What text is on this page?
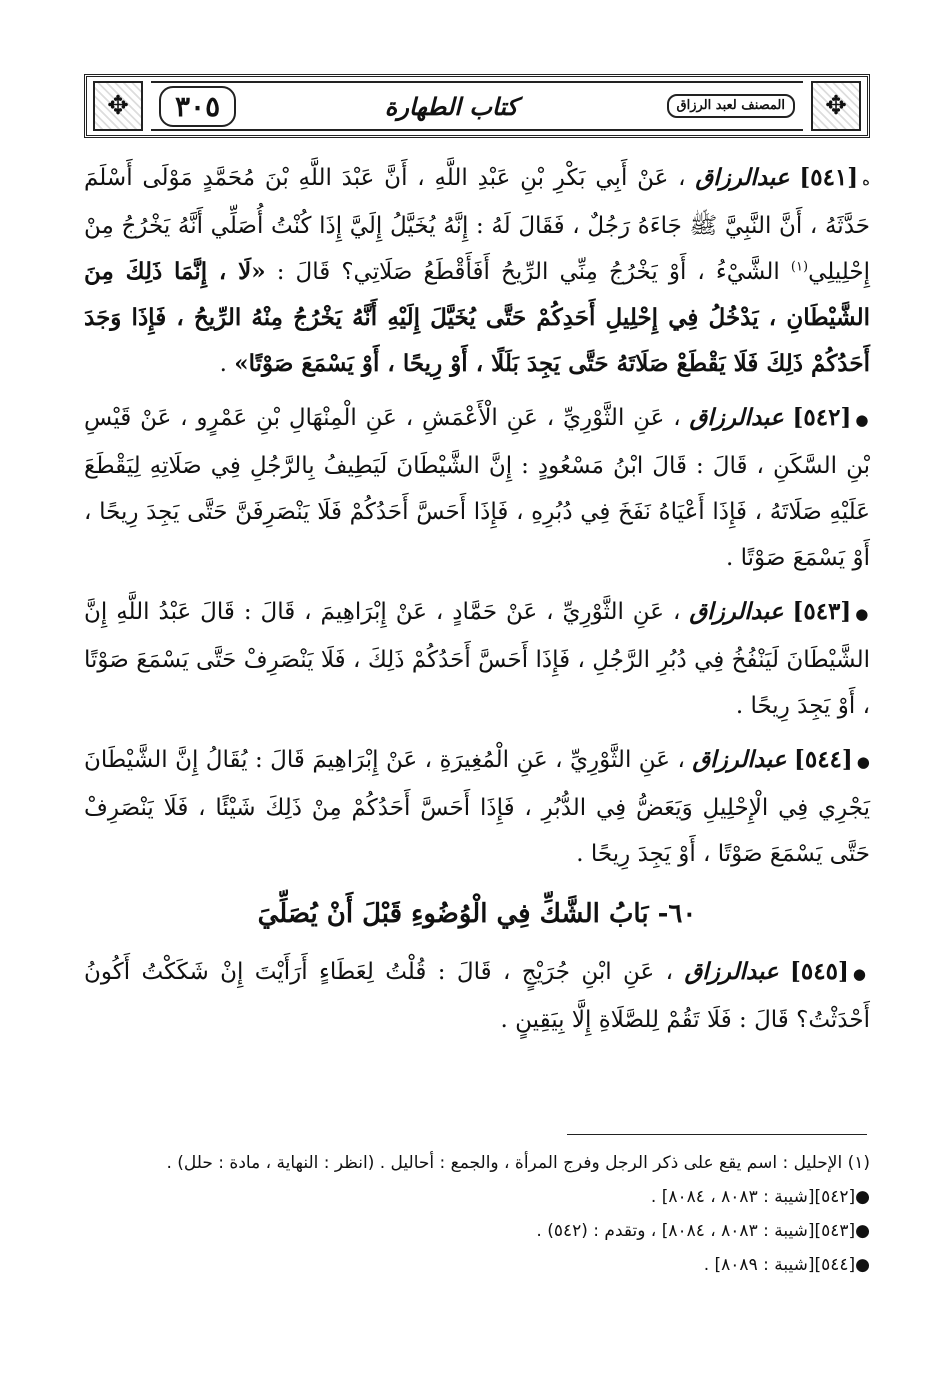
✥	المصنف لعبد الرزاق
كتاب الطهارة
٣٠٥	✥

ه[٥٤١] عبدالرزاق ، عَنْ أَبِي بَكْرِ بْنِ عَبْدِ اللَّهِ ، أَنَّ عَبْدَ اللَّهِ بْنَ مُحَمَّدٍ مَوْلَى أَسْلَمَ حَدَّثَهُ ، أَنَّ النَّبِيَّ ﷺ جَاءَهُ رَجُلٌ ، فَقَالَ لَهُ : إِنَّهُ يُخَيَّلُ إِلَيَّ إِذَا كُنْتُ أُصَلِّي أَنَّهُ يَخْرُجُ مِنْ إِحْلِيلِي$^{(١)}$ الشَّيْءُ ، أَوْ يَخْرُجُ مِنِّي الرِّيحُ أَفَأَقْطَعُ صَلَاتِي؟ قَالَ : «لَا ، إِنَّمَا ذَلِكَ مِنَ الشَّيْطَانِ ، يَدْخُلُ فِي إِحْلِيلِ أَحَدِكُمْ حَتَّى يُخَيَّلَ إِلَيْهِ أَنَّهُ يَخْرُجُ مِنْهُ الرِّيحُ ، فَإِذَا وَجَدَ أَحَدُكُمْ ذَلِكَ فَلَا يَقْطَعْ صَلَاتَهُ حَتَّى يَجِدَ بَلَلًا ، أَوْ رِيحًا ، أَوْ يَسْمَعَ صَوْتًا» .

●[٥٤٢] عبدالرزاق ، عَنِ الثَّوْرِيِّ ، عَنِ الْأَعْمَشِ ، عَنِ الْمِنْهَالِ بْنِ عَمْرٍو ، عَنْ قَيْسِ بْنِ السَّكَنِ ، قَالَ : قَالَ ابْنُ مَسْعُودٍ : إِنَّ الشَّيْطَانَ لَيَطِيفُ بِالرَّجُلِ فِي صَلَاتِهِ لِيَقْطَعَ عَلَيْهِ صَلَاتَهُ ، فَإِذَا أَعْيَاهُ نَفَخَ فِي دُبُرِهِ ، فَإِذَا أَحَسَّ أَحَدُكُمْ فَلَا يَنْصَرِفَنَّ حَتَّى يَجِدَ رِيحًا ، أَوْ يَسْمَعَ صَوْتًا .

●[٥٤٣] عبدالرزاق ، عَنِ الثَّوْرِيِّ ، عَنْ حَمَّادٍ ، عَنْ إِبْرَاهِيمَ ، قَالَ : قَالَ عَبْدُ اللَّهِ إِنَّ الشَّيْطَانَ لَيَنْفُخُ فِي دُبُرِ الرَّجُلِ ، فَإِذَا أَحَسَّ أَحَدُكُمْ ذَلِكَ ، فَلَا يَنْصَرِفْ حَتَّى يَسْمَعَ صَوْتًا ، أَوْ يَجِدَ رِيحًا .

●[٥٤٤] عبدالرزاق ، عَنِ الثَّوْرِيِّ ، عَنِ الْمُغِيرَةِ ، عَنْ إِبْرَاهِيمَ قَالَ : يُقَالُ إِنَّ الشَّيْطَانَ يَجْرِي فِي الْإِحْلِيلِ وَيَعَضُّ فِي الدُّبُرِ ، فَإِذَا أَحَسَّ أَحَدُكُمْ مِنْ ذَلِكَ شَيْئًا ، فَلَا يَنْصَرِفْ حَتَّى يَسْمَعَ صَوْتًا ، أَوْ يَجِدَ رِيحًا .

٦٠- بَابُ الشَّكِّ فِي الْوُضُوءِ قَبْلَ أَنْ يُصَلِّيَ

●[٥٤٥] عبدالرزاق ، عَنِ ابْنِ جُرَيْجٍ ، قَالَ : قُلْتُ لِعَطَاءٍ أَرَأَيْتَ إِنْ شَكَكْتُ أَكُونُ أَحْدَثْتُ؟ قَالَ : فَلَا تَقُمْ لِلصَّلَاةِ إِلَّا بِيَقِينٍ .

(١) الإحليل : اسم يقع على ذكر الرجل وفرج المرأة ، والجمع : أحاليل . (انظر : النهاية ، مادة : حلل) .
●[٥٤٢][شيبة : ٨٠٨٣ ، ٨٠٨٤] .
●[٥٤٣][شيبة : ٨٠٨٣ ، ٨٠٨٤] ، وتقدم : (٥٤٢) .
●[٥٤٤][شيبة : ٨٠٨٩] .
